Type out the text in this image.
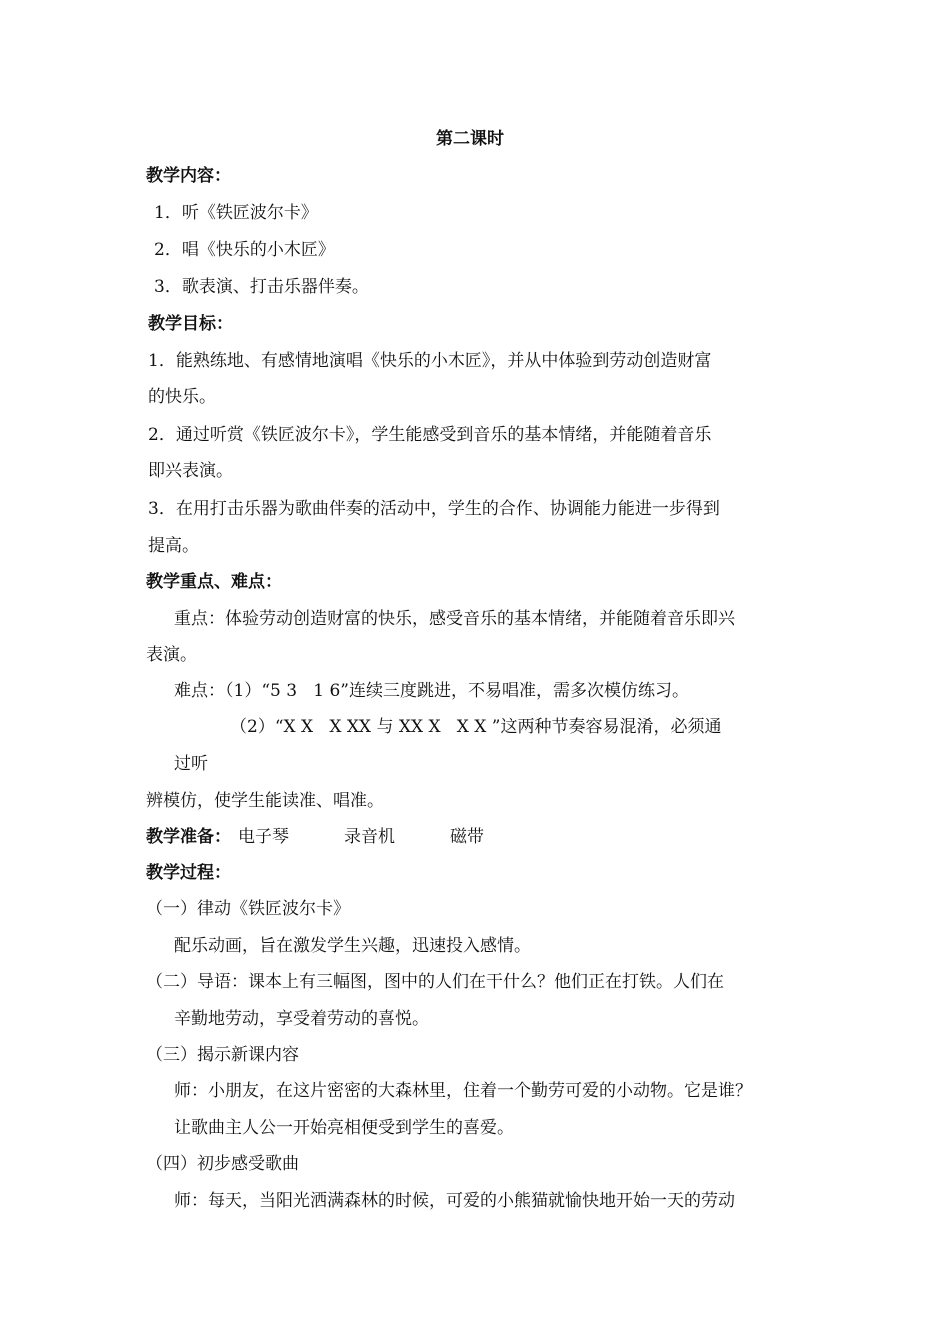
第二课时
教学内容：
1．听《铁匠波尔卡》
2．唱《快乐的小木匠》
3．歌表演、打击乐器伴奏。
教学目标：
1．能熟练地、有感情地演唱《快乐的小木匠》，并从中体验到劳动创造财富
的快乐。
2．通过听赏《铁匠波尔卡》，学生能感受到音乐的基本情绪，并能随着音乐
即兴表演。
3．在用打击乐器为歌曲伴奏的活动中，学生的合作、协调能力能进一步得到
提高。
教学重点、难点：
重点：体验劳动创造财富的快乐，感受音乐的基本情绪，并能随着音乐即兴
表演。
难点：（1）“5 3   1 6”连续三度跳进，不易唱准，需多次模仿练习。
（2）“X X   X XX 与 XX X   X X ”这两种节奏容易混淆，必须通
过听
辨模仿，使学生能读准、唱准。
教学准备： 电子琴	录音机	磁带
教学过程：
（一）律动《铁匠波尔卡》
配乐动画，旨在激发学生兴趣，迅速投入感情。
（二）导语：课本上有三幅图，图中的人们在干什么？他们正在打铁。人们在
辛勤地劳动，享受着劳动的喜悦。
（三）揭示新课内容
师：小朋友，在这片密密的大森林里，住着一个勤劳可爱的小动物。它是谁？
让歌曲主人公一开始亮相便受到学生的喜爱。
（四）初步感受歌曲
师：每天，当阳光洒满森林的时候，可爱的小熊猫就愉快地开始一天的劳动
